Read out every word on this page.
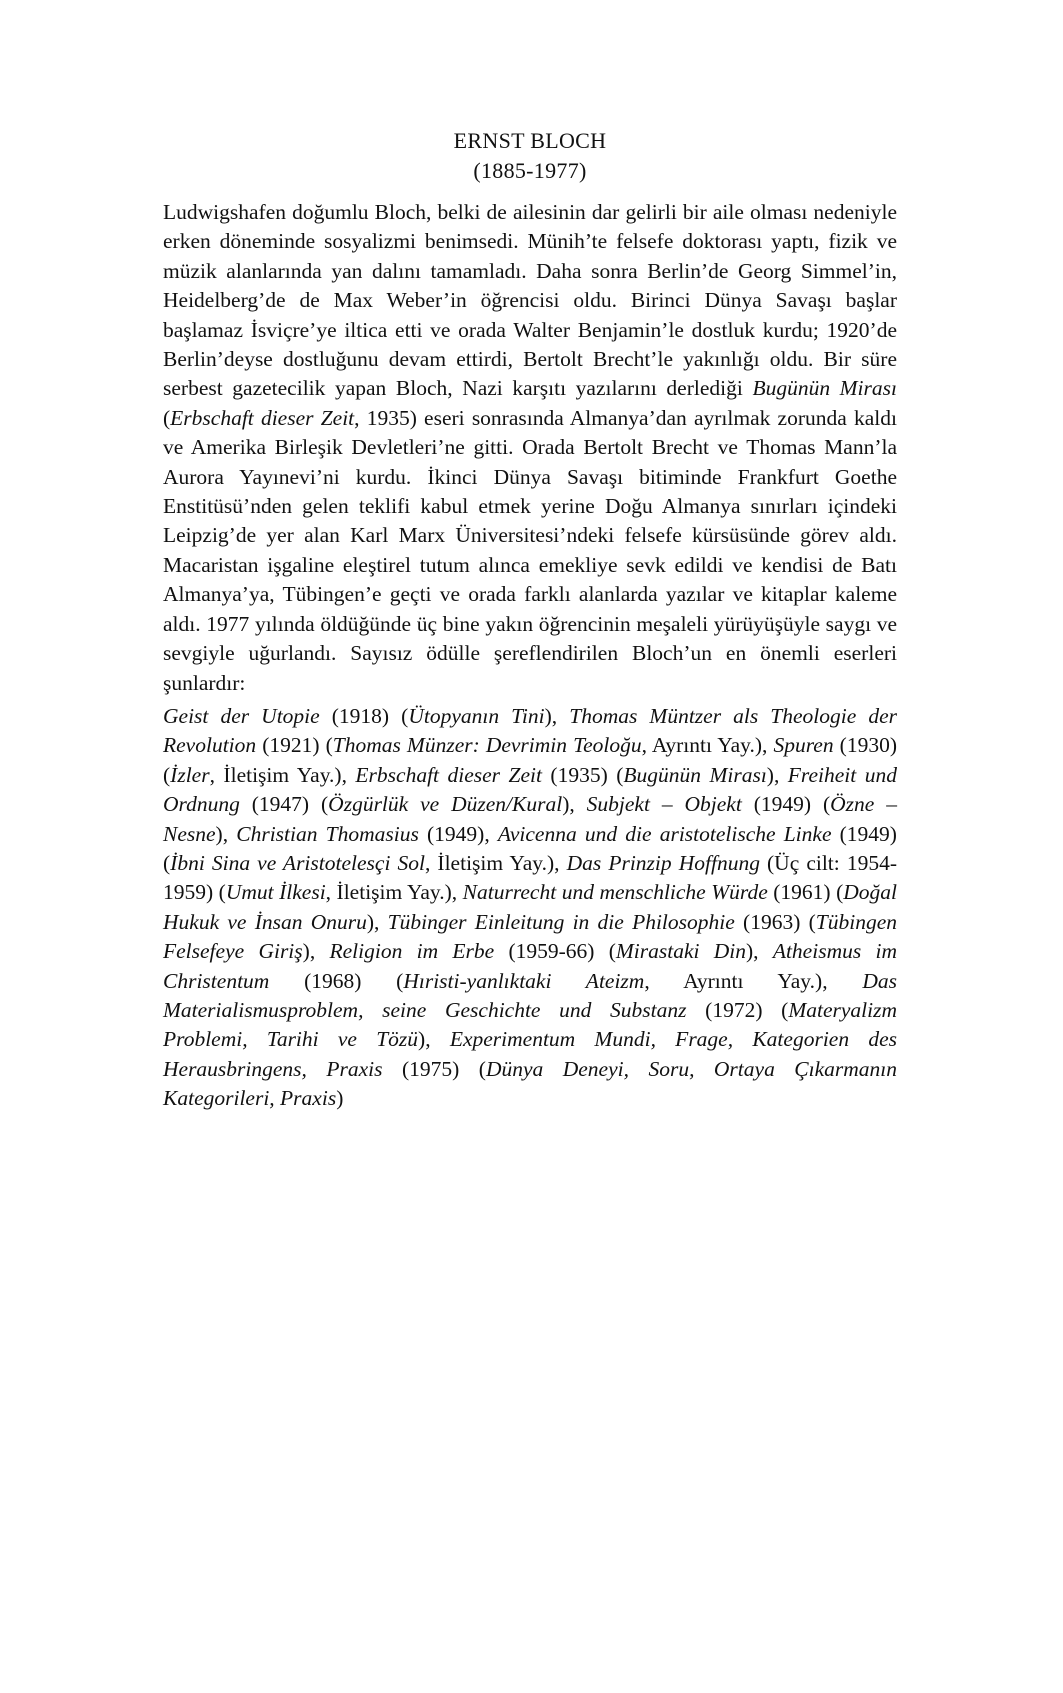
ERNST BLOCH
(1885-1977)

Ludwigshafen doğumlu Bloch, belki de ailesinin dar gelirli bir aile olması nedeniyle erken döneminde sosyalizmi benimsedi. Münih’te felsefe doktorası yaptı, fizik ve müzik alanlarında yan dalını tamamladı. Daha sonra Berlin’de Georg Simmel’in, Heidelberg’de de Max Weber’in öğrencisi oldu. Birinci Dünya Savaşı başlar başlamaz İsviçre’ye iltica etti ve orada Walter Benjamin’le dostluk kurdu; 1920’de Berlin’deyse dostluğunu devam ettirdi, Bertolt Brecht’le yakınlığı oldu. Bir süre serbest gazetecilik yapan Bloch, Nazi karşıtı yazılarını derlediği Bugünün Mirası (Erbschaft dieser Zeit, 1935) eseri sonrasında Almanya’dan ayrılmak zorunda kaldı ve Amerika Birleşik Devletleri’ne gitti. Orada Bertolt Brecht ve Thomas Mann’la Aurora Yayınevi’ni kurdu. İkinci Dünya Savaşı bitiminde Frankfurt Goethe Enstitüsü’nden gelen teklifi kabul etmek yerine Doğu Almanya sınırları içindeki Leipzig’de yer alan Karl Marx Üniversitesi’ndeki felsefe kürsüsünde görev aldı. Macaristan işgaline eleştirel tutum alınca emekliye sevk edildi ve kendisi de Batı Almanya’ya, Tübingen’e geçti ve orada farklı alanlarda yazılar ve kitaplar kaleme aldı. 1977 yılında öldüğünde üç bine yakın öğrencinin meşaleli yürüyüşüyle saygı ve sevgiyle uğurlandı. Sayısız ödülle şereflendirilen Bloch’un en önemli eserleri şunlardır:

Geist der Utopie (1918) (Ütopyanın Tini), Thomas Müntzer als Theologie der Revolution (1921) (Thomas Münzer: Devrimin Teoloğu, Ayrıntı Yay.), Spuren (1930) (İzler, İletişim Yay.), Erbschaft dieser Zeit (1935) (Bugünün Mirası), Freiheit und Ordnung (1947) (Özgürlük ve Düzen/Kural), Subjekt – Objekt (1949) (Özne – Nesne), Christian Thomasius (1949), Avicenna und die aristotelische Linke (1949) (İbni Sina ve Aristotelesçi Sol, İletişim Yay.), Das Prinzip Hoffnung (Üç cilt: 1954-1959) (Umut İlkesi, İletişim Yay.), Naturrecht und menschliche Würde (1961) (Doğal Hukuk ve İnsan Onuru), Tübinger Einleitung in die Philosophie (1963) (Tübingen Felsefeye Giriş), Religion im Erbe (1959-66) (Mirastaki Din), Atheismus im Christentum (1968) (Hıristi-yanlıktaki Ateizm, Ayrıntı Yay.), Das Materialismusproblem, seine Geschichte und Substanz (1972) (Materyalizm Problemi, Tarihi ve Tözü), Experimentum Mundi, Frage, Kategorien des Herausbringens, Praxis (1975) (Dünya Deneyi, Soru, Ortaya Çıkarmanın Kategorileri, Praxis)
